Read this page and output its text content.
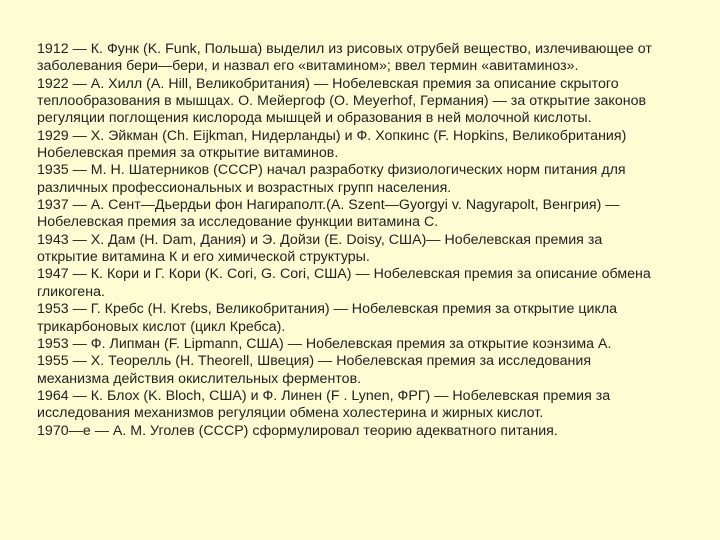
1912 — К. Функ (K. Funk, Польша) выделил из рисовых отрубей вещество, излечивающее от
заболевания бери—бери, и назвал его «витамином»; ввел термин «авитаминоз».
1922 — А. Хилл (A. Hill, Великобритания) — Нобелевская премия за описание скрытого
теплообразования в мышцах. О. Мейергоф (O. Meyerhof, Германия) — за открытие законов
регуляции поглощения кислорода мышцей и образования в ней молочной кислоты.
1929 — Х. Эйкман (Ch. Eijkman, Нидерланды) и Ф. Хопкинс (F. Hopkins, Великобритания)
Нобелевская премия за открытие витаминов.
1935 — М. Н. Шатерников (СССР) начал разработку физиологических норм питания для
различных профессиональных и возрастных групп населения.
1937 — А. Сент—Дьердьи фон Нагираполт.(A. Szent—Gyorgyi v. Nagyrapolt, Венгрия) —
Нобелевская премия за исследование функции витамина С.
1943 — Х. Дам (H. Dam, Дания) и Э. Дойзи (E. Doisy, США)— Нобелевская премия за
открытие витамина К и его химической структуры.
1947 — К. Кори и Г. Кори (K. Cori, G. Cori, США) — Нобелевская премия за описание обмена
гликогена.
1953 — Г. Кребс (H. Krebs, Великобритания) — Нобелевская премия за открытие цикла
трикарбоновых кислот (цикл Кребса).
1953 — Ф. Липман (F. Lipmann, США) — Нобелевская премия за открытие коэнзима А.
1955 — Х. Теорелль (H. Theorell, Швеция) — Нобелевская премия за исследования
механизма действия окислительных ферментов.
1964 — К. Блох (K. Bloch, США) и Ф. Линен (F . Lynen, ФРГ) — Нобелевская премия за
исследования механизмов регуляции обмена холестерина и жирных кислот.
1970—е — А. М. Уголев (СССР) сформулировал теорию адекватного питания.
